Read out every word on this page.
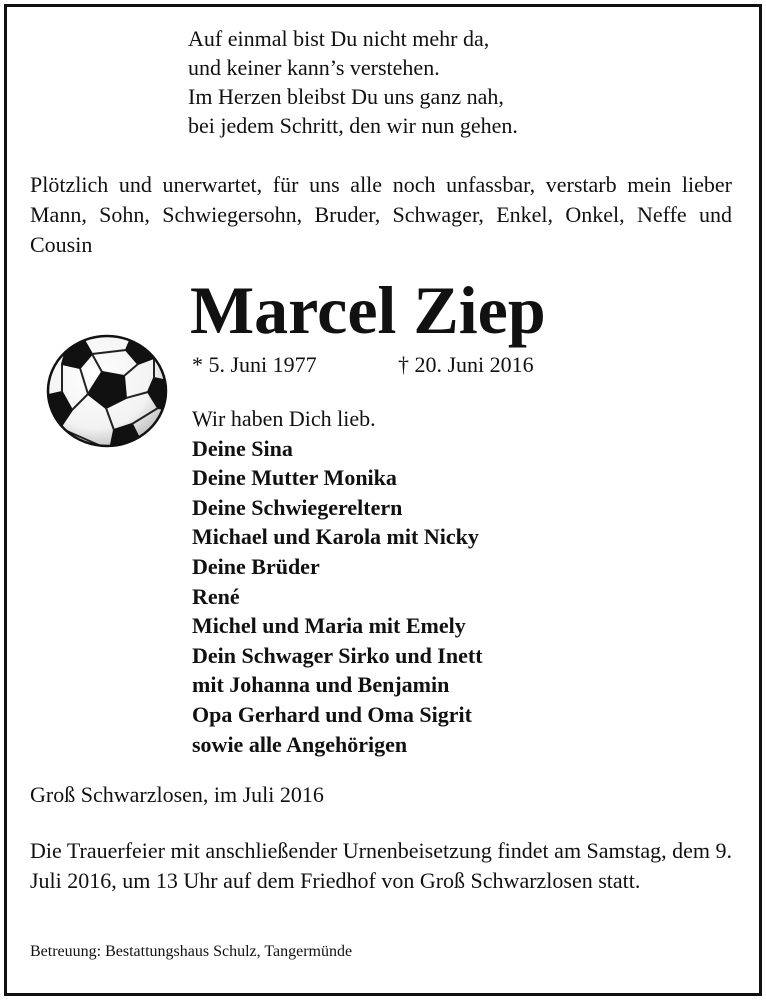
Auf einmal bist Du nicht mehr da,
und keiner kann’s verstehen.
Im Herzen bleibst Du uns ganz nah,
bei jedem Schritt, den wir nun gehen.
Plötzlich und unerwartet, für uns alle noch unfassbar, verstarb mein lieber Mann, Sohn, Schwiegersohn, Bruder, Schwager, Enkel, Onkel, Neffe und Cousin
Marcel Ziep
* 5. Juni 1977	† 20. Juni 2016
Wir haben Dich lieb.
Deine Sina
Deine Mutter Monika
Deine Schwiegereltern
Michael und Karola mit Nicky
Deine Brüder
René
Michel und Maria mit Emely
Dein Schwager Sirko und Inett
mit Johanna und Benjamin
Opa Gerhard und Oma Sigrit
sowie alle Angehörigen
Groß Schwarzlosen, im Juli 2016
Die Trauerfeier mit anschließender Urnenbeisetzung findet am Samstag, dem 9. Juli 2016, um 13 Uhr auf dem Friedhof von Groß Schwarzlosen statt.
Betreuung: Bestattungshaus Schulz, Tangermünde
